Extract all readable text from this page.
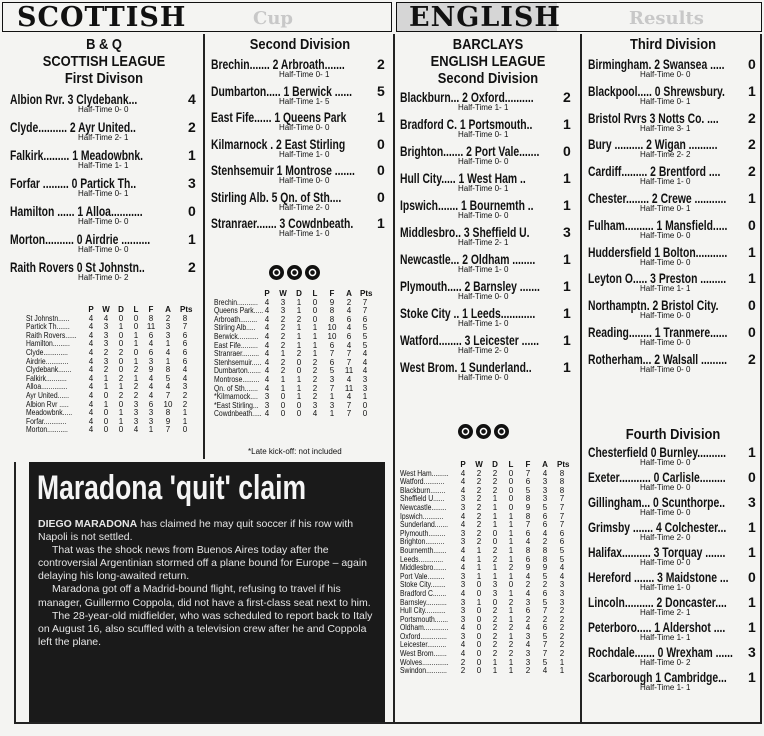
SCOTTISH	Cup	ENGLISH	Results
B & Q
SCOTTISH LEAGUE
First Divison
Albion Rvr. 3 Clydebank...	4
Half-Time 0- 0
Clyde.......... 2 Ayr United..	2
Half-Time 2- 1
Falkirk......... 1 Meadowbnk.	1
Half-Time 1- 1
Forfar ......... 0 Partick Th..	3
Half-Time 0- 1
Hamilton ...... 1 Alloa...........	0
Half-Time 0- 0
Morton.......... 0 Airdrie ..........	1
Half-Time 0- 0
Raith Rovers 0 St Johnstn..	2
Half-Time 0- 2
Second Division
Brechin....... 2 Arbroath....... 2
Half-Time 0- 1
Dumbarton..... 1 Berwick ...... 5
Half-Time 1- 5
East Fife...... 1 Queens Park 1
Half-Time 0- 0
Kilmarnock . 2 East Stirling 0
Half-Time 1- 0
Stenhsemuir 1 Montrose ....... 0
Half-Time 0- 0
Stirling Alb. 5 Qn. of Sth....	0
Half-Time 2- 0
Stranraer....... 3 Cowdnbeath. 1
Half-Time 1- 0
BARCLAYS
ENGLISH LEAGUE
Second Division
Blackburn... 2 Oxford.......... 2
Half-Time 1- 1
Bradford C. 1 Portsmouth.. 1
Half-Time 0- 1
Brighton....... 2 Port Vale....... 0
Half-Time 0- 0
Hull City..... 1 West Ham ..	1
Half-Time 0- 1
Ipswich....... 1 Bournemth .. 1
Half-Time 0- 0
Middlesbro.. 3 Sheffield U. 3
Half-Time 2- 1
Newcastle... 2 Oldham ........ 1
Half-Time 1- 0
Plymouth..... 2 Barnsley ....... 1
Half-Time 0- 0
Stoke City .. 1 Leeds............ 1
Half-Time 1- 0
Watford........ 3 Leicester ...... 1
Half-Time 2- 0
West Brom. 1 Sunderland.. 1
Half-Time 0- 0
Third Division
Birmingham. 2 Swansea ..... 0
Half-Time 0- 0
Blackpool..... 0 Shrewsbury. 1
Half-Time 0- 1
Bristol Rvrs 3 Notts Co. .... 2
Half-Time 3- 1
Bury .......... 2 Wigan .......... 2
Half-Time 2- 2
Cardiff......... 2 Brentford .... 2
Half-Time 1- 0
Chester........ 2 Crewe ........... 1
Half-Time 0- 1
Fulham.......... 1 Mansfield..... 0
Half-Time 0- 0
Huddersfield 1 Bolton........... 1
Half-Time 0- 0
Leyton O..... 3 Preston ......... 1
Half-Time 1- 1
Northamptn. 2 Bristol City. 0
Half-Time 0- 0
Reading........ 1 Tranmere...... 0
Half-Time 0- 0
Rotherham... 2 Walsall ......... 2
Half-Time 0- 0
Fourth Division
Chesterfield 0 Burnley.......... 1
Half-Time 0- 0
Exeter........... 0 Carlisle......... 0
Half-Time 0- 0
Gillingham... 0 Scunthorpe.. 3
Half-Time 0- 0
Grimsby ....... 4 Colchester... 1
Half-Time 2- 0
Halifax.......... 3 Torquay ....... 1
Half-Time 0- 0
Hereford ....... 3 Maidstone ... 0
Half-Time 1- 0
Lincoln.......... 2 Doncaster.... 1
Half-Time 2- 1
Peterboro..... 1 Aldershot .... 1
Half-Time 1- 1
Rochdale....... 0 Wrexham ...... 3
Half-Time 0- 2
Scarborough 1 Cambridge... 1
Half-Time 1- 1
P W D	L	F	A Pts
St Johnstn......	4	4	0	0	8	2	8
Partick Th.......	4	3	1	0	11	3	7
Raith Rovers......	4	3	0	1	6	3	6
Hamilton.........	4	3	0	1	4	1	6
Clyde.............	4	2	2	0	6	4	6
Airdrie............	4	3	0	1	3	1	6
Clydebank.......	4	2	0	2	9	8	4
Falkirk...........	4	1	2	1	4	5	4
Alloa..............	4	1	1	2	4	4	3
Ayr United......	4	0	2	2	4	7	2
Albion Rvr .....	4	1	0	3	6	10	2
Meadowbnk.....	4	0	1	3	3	8	1
Forfar............	4	0	1	3	3	9	1
Morton...........	4	0	0	4	1	7	0
P W D	L	F	A Pts
Brechin........... 4	3	1	0	9	2	7
Queens Park..... 4	3	1	0	8	4	7
Arbroath......... 4	2	2	0	8	6	6
Stirling Alb.....	4	2	1	1	10	4	5
Berwick........... 4	2	1	1	10	6	5
East Fife......... 4	2	1	1	6	4	5
Stranraer......... 4	1	2	1	7	7	4
Stenhsemuir..... 4	2	0	2	6	7	4
Dumbarton....... 4	2	0	2	5	11	4
Montrose......... 4	1	1	2	3	4	3
Qn. of Sth....... 4	1	1	2	7	11	3
*Kilmarnock.... 3	0	1	2	1	4	1
*East Stirling... 3	0	0	3	3	7	0
Cowdnbeath..... 4	0	0	4	1	7	0
*Late kick-off: not included
P W D	L	F	A Pts
West Ham.........	4	2	2	0	7	4	8
Watford...........	4	2	2	0	6	3	8
Blackburn........	4	2	2	0	5	3	8
Sheffield U......	3	2	1	0	8	3	7
Newcastle........	3	2	1	0	9	5	7
Ipswich...........	4	2	1	1	8	6	7
Sunderland.......	4	2	1	1	7	6	7
Plymouth.........	3	2	0	1	6	4	6
Brighton..........	3	2	0	1	4	2	6
Bournemth.......	4	1	2	1	8	8	5
Leeds.............	4	1	2	1	6	8	5
Middlesbro.......	4	1	1	2	9	9	4
Port Vale.........	3	1	1	1	4	5	4
Stoke City........	3	0	3	0	2	2	3
Bradford C.......	4	0	3	1	4	6	3
Barnsley...........	3	1	0	2	3	5	3
Hull City...........	3	0	2	1	6	7	2
Portsmouth.......	3	0	2	1	2	2	2
Oldham.............	4	0	2	2	4	6	2
Oxford..............	3	0	2	1	3	5	2
Leicester..........	4	0	2	2	4	7	2
West Brom.......	4	0	2	2	3	7	2
Wolves..............	2	0	1	1	3	5	1
Swindon...........	2	0	1	1	2	4	1
Maradona 'quit' claim

DIEGO MARADONA has claimed he may quit soccer if his row with Napoli is not settled.

That was the shock news from Buenos Aires today after the controversial Argentinian stormed off a plane bound for Europe – again delaying his long-awaited return.

Maradona got off a Madrid-bound flight, refusing to travel if his manager, Guillermo Coppola, did not have a first-class seat next to him.

The 28-year-old midfielder, who was scheduled to report back to Italy on August 16, also scuffled with a television crew after he and Coppola left the plane.
